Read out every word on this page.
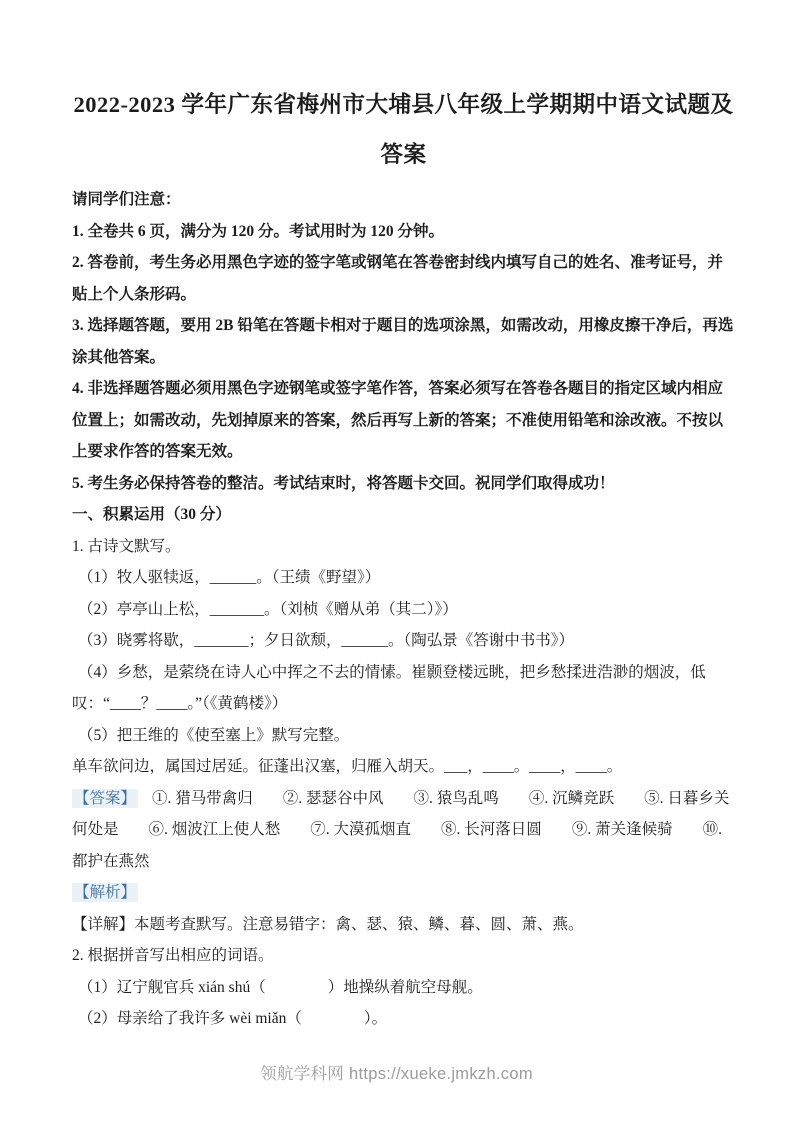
2022-2023 学年广东省梅州市大埔县八年级上学期期中语文试题及答案

请同学们注意：

1. 全卷共 6 页，满分为 120 分。考试用时为 120 分钟。

2. 答卷前，考生务必用黑色字迹的签字笔或钢笔在答卷密封线内填写自己的姓名、准考证号，并贴上个人条形码。

3. 选择题答题，要用 2B 铅笔在答题卡相对于题目的选项涂黑，如需改动，用橡皮擦干净后，再选涂其他答案。

4. 非选择题答题必须用黑色字迹钢笔或签字笔作答，答案必须写在答卷各题目的指定区域内相应位置上；如需改动，先划掉原来的答案，然后再写上新的答案；不准使用铅笔和涂改液。不按以上要求作答的答案无效。

5. 考生务必保持答卷的整洁。考试结束时，将答题卡交回。祝同学们取得成功！

一、积累运用（30 分）

1. 古诗文默写。

（1）牧人驱犊返，______。（王绩《野望》）

（2）亭亭山上松，_______。（刘桢《赠从弟（其二）》）

（3）晓雾将歇，_______；夕日欲颓，______。（陶弘景《答谢中书书》）

（4）乡愁，是萦绕在诗人心中挥之不去的情愫。崔颢登楼远眺，把乡愁揉进浩渺的烟波，低叹：“____？____。”（《黄鹤楼》）

（5）把王维的《使至塞上》默写完整。

单车欲问边，属国过居延。征蓬出汉塞，归雁入胡天。___，____。____，____。

【答案】 ①. 猎马带禽归 ②. 瑟瑟谷中风 ③. 猿鸟乱鸣 ④. 沉鳞竞跃 ⑤. 日暮乡关何处是 ⑥. 烟波江上使人愁 ⑦. 大漠孤烟直 ⑧. 长河落日圆 ⑨. 萧关逢候骑 ⑩. 都护在燕然

【解析】

【详解】本题考查默写。注意易错字：禽、瑟、猿、鳞、暮、圆、萧、燕。

2. 根据拼音写出相应的词语。

（1）辽宁舰官兵 xián shú（　　　　）地操纵着航空母舰。

（2）母亲给了我许多 wèi miǎn（　　　　）。

领航学科网 https://xueke.jmkzh.com
